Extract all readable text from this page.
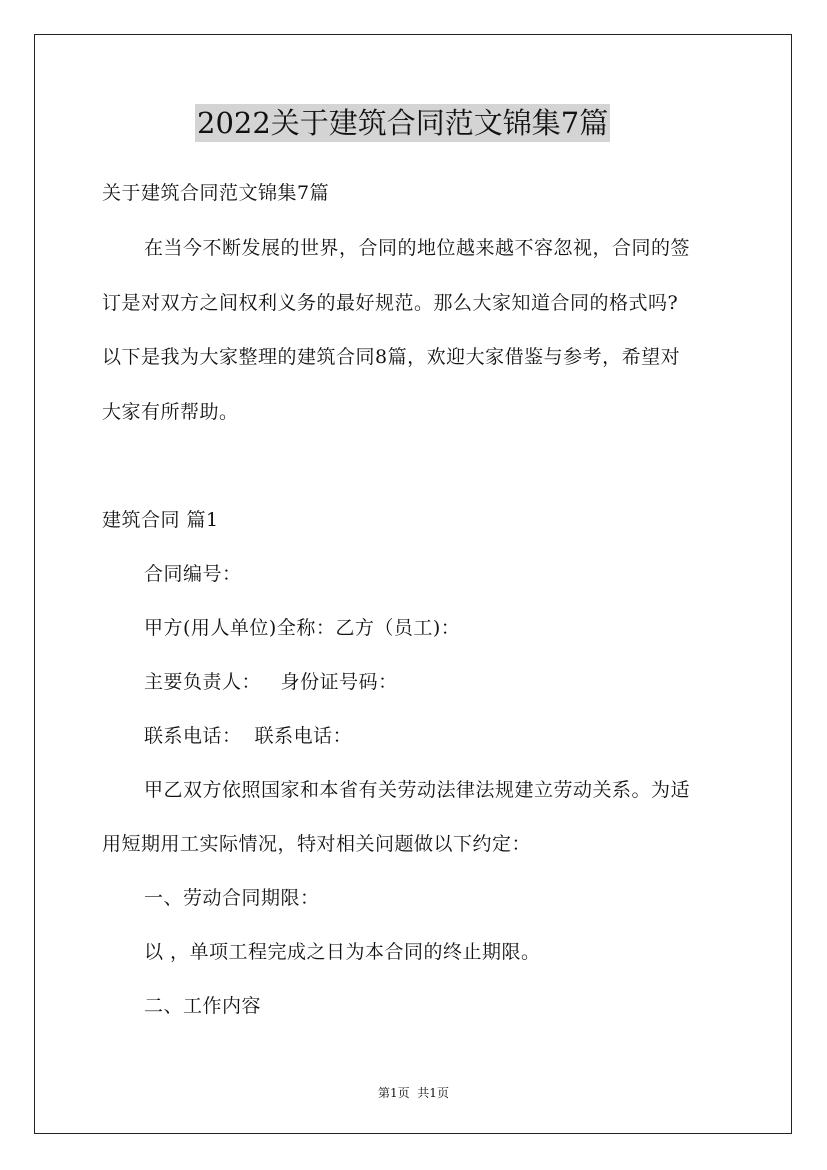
2022关于建筑合同范文锦集7篇
关于建筑合同范文锦集7篇
在当今不断发展的世界，合同的地位越来越不容忽视，合同的签
订是对双方之间权利义务的最好规范。那么大家知道合同的格式吗?
以下是我为大家整理的建筑合同8篇，欢迎大家借鉴与参考，希望对
大家有所帮助。
建筑合同 篇1
合同编号：
甲方(用人单位)全称：乙方（员工)：
主要负责人：   身份证号码：
联系电话：  联系电话：
甲乙双方依照国家和本省有关劳动法律法规建立劳动关系。为适
用短期用工实际情况，特对相关问题做以下约定：
一、劳动合同期限：
以 ，单项工程完成之日为本合同的终止期限。
二、工作内容
第1页  共1页
